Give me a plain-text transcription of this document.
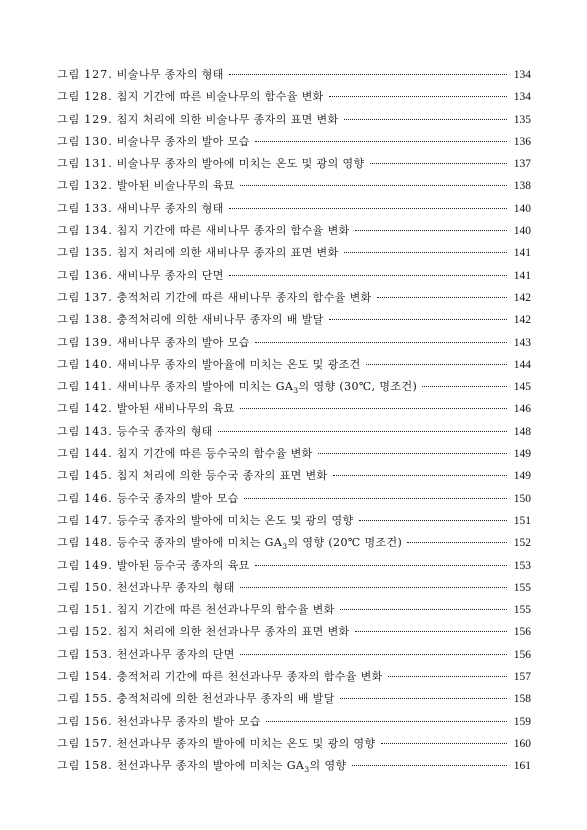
그림 127. 비술나무 종자의 형태	134
그림 128. 침지 기간에 따른 비술나무의 함수율 변화	134
그림 129. 침지 처리에 의한 비술나무 종자의 표면 변화	135
그림 130. 비술나무 종자의 발아 모습	136
그림 131. 비술나무 종자의 발아에 미치는 온도 및 광의 영향	137
그림 132. 발아된 비술나무의 육묘	138
그림 133. 새비나무 종자의 형태	140
그림 134. 침지 기간에 따른 새비나무 종자의 함수율 변화	140
그림 135. 침지 처리에 의한 새비나무 종자의 표면 변화	141
그림 136. 새비나무 종자의 단면	141
그림 137. 충적처리 기간에 따른 새비나무 종자의 함수율 변화	142
그림 138. 충적처리에 의한 새비나무 종자의 배 발달	142
그림 139. 새비나무 종자의 발아 모습	143
그림 140. 새비나무 종자의 발아율에 미치는 온도 및 광조건	144
그림 141. 새비나무 종자의 발아에 미치는 $GA_3$의 영향 (30℃, 명조건)	145
그림 142. 발아된 새비나무의 육묘	146
그림 143. 등수국 종자의 형태	148
그림 144. 침지 기간에 따른 등수국의 함수율 변화	149
그림 145. 침지 처리에 의한 등수국 종자의 표면 변화	149
그림 146. 등수국 종자의 발아 모습	150
그림 147. 등수국 종자의 발아에 미치는 온도 및 광의 영향	151
그림 148. 등수국 종자의 발아에 미치는 $GA_3$의 영향 (20℃ 명조건)	152
그림 149. 발아된 등수국 종자의 육묘	153
그림 150. 천선과나무 종자의 형태	155
그림 151. 침지 기간에 따른 천선과나무의 함수율 변화	155
그림 152. 침지 처리에 의한 천선과나무 종자의 표면 변화	156
그림 153. 천선과나무 종자의 단면	156
그림 154. 충적처리 기간에 따른 천선과나무 종자의 함수율 변화	157
그림 155. 충적처리에 의한 천선과나무 종자의 배 발달	158
그림 156. 천선과나무 종자의 발아 모습	159
그림 157. 천선과나무 종자의 발아에 미치는 온도 및 광의 영향	160
그림 158. 천선과나무 종자의 발아에 미치는 $GA_3$의 영향	161
